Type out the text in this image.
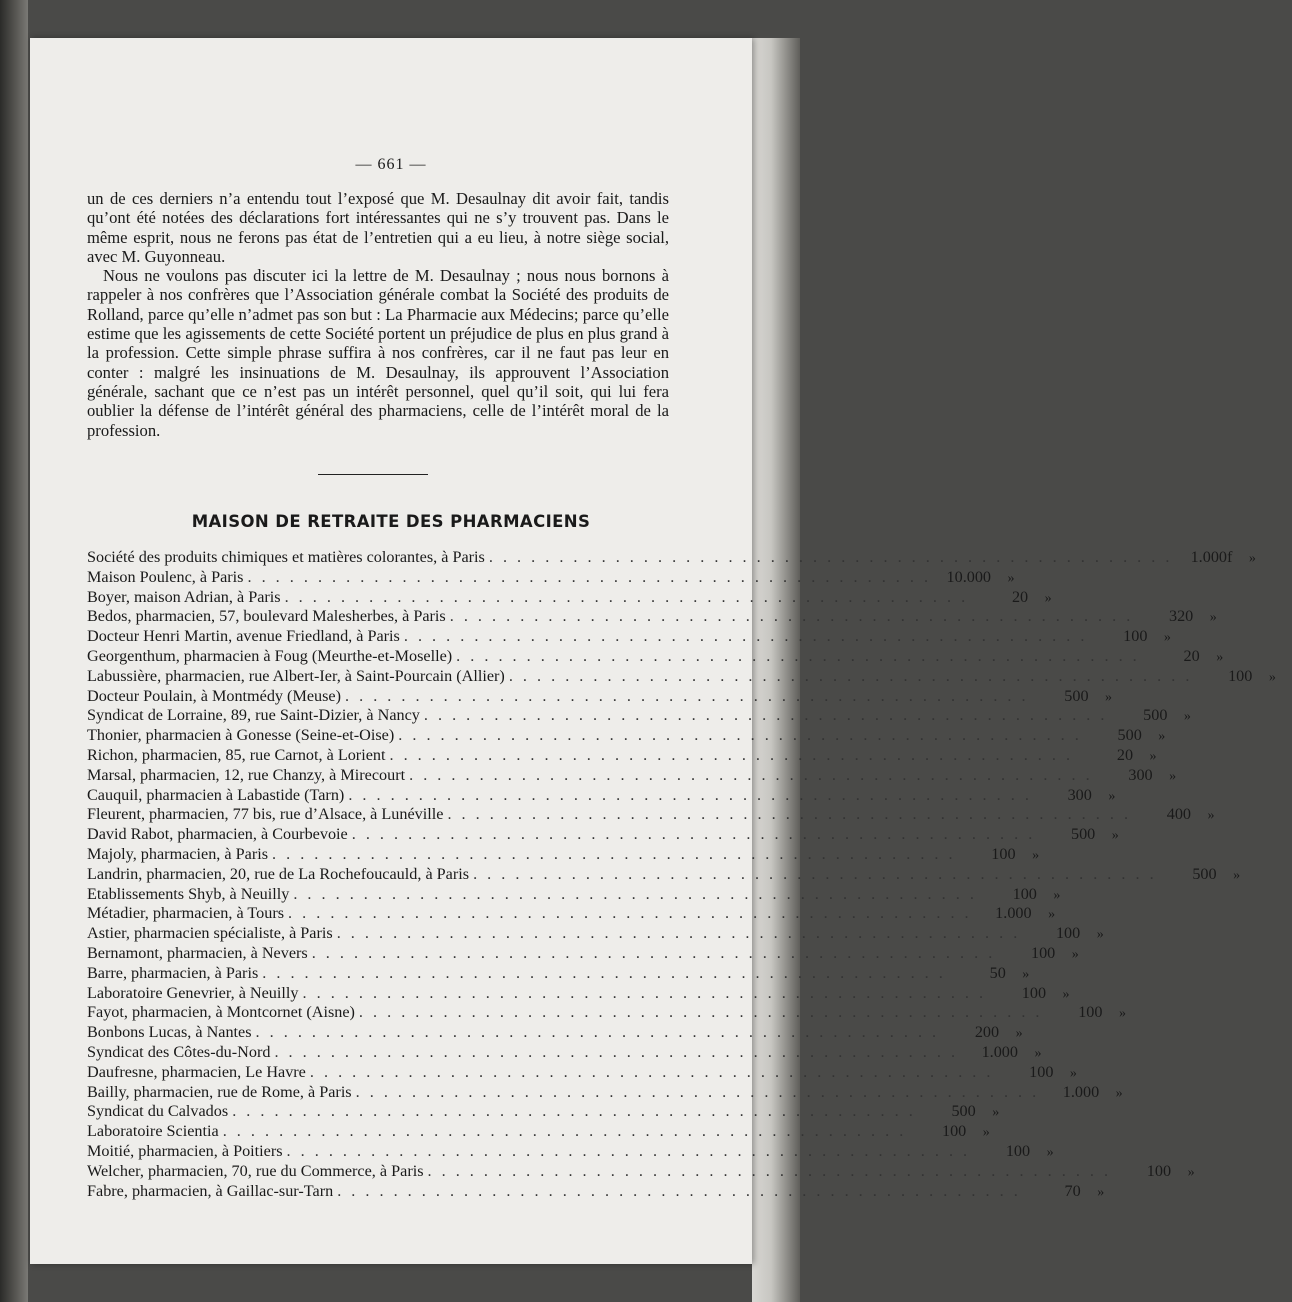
— 661 —

un de ces derniers n’a entendu tout l’exposé que M. Desaulnay dit avoir fait, tandis qu’ont été notées des déclarations fort intéressantes qui ne s’y trouvent pas. Dans le même esprit, nous ne ferons pas état de l’entretien qui a eu lieu, à notre siège social, avec M. Guyonneau.

Nous ne voulons pas discuter ici la lettre de M. Desaulnay ; nous nous bornons à rappeler à nos confrères que l’Association générale combat la Société des produits de Rolland, parce qu’elle n’admet pas son but : La Pharmacie aux Médecins; parce qu’elle estime que les agissements de cette Société portent un préjudice de plus en plus grand à la profession. Cette simple phrase suffira à nos confrères, car il ne faut pas leur en conter : malgré les insinuations de M. Desaulnay, ils approuvent l’Association générale, sachant que ce n’est pas un intérêt personnel, quel qu’il soit, qui lui fera oublier la défense de l’intérêt général des pharmaciens, celle de l’intérêt moral de la profession.

MAISON DE RETRAITE DES PHARMACIENS
Société des produits chimiques et matières colorantes, à Paris . . . . . . . . . . . . . . . . . . . . . . . . . . . . . . . . . . . . . . . . . . . . . . . . .	1.000f	»
Maison Poulenc, à Paris . . . . . . . . . . . . . . . . . . . . . . . . . . . . . . . . . . . . . . . . . . . . . . . . . 10.000	»
Boyer, maison Adrian, à Paris . . . . . . . . . . . . . . . . . . . . . . . . . . . . . . . . . . . . . . . . . . . . . . . . .	20	»
Bedos, pharmacien, 57, boulevard Malesherbes, à Paris . . . . . . . . . . . . . . . . . . . . . . . . . . . . . . . . . . . . . . . . . . . . . . . . .	320	»
Docteur Henri Martin, avenue Friedland, à Paris . . . . . . . . . . . . . . . . . . . . . . . . . . . . . . . . . . . . . . . . . . . . . . . . .	100	»
Georgenthum, pharmacien à Foug (Meurthe-et-Moselle) . . . . . . . . . . . . . . . . . . . . . . . . . . . . . . . . . . . . . . . . . . . . . . . . .	20	»
Labussière, pharmacien, rue Albert-Ier, à Saint-Pourcain (Allier) . . . . . . . . . . . . . . . . . . . . . . . . . . . . . . . . . . . . . . . . . . . . . . . . .	100	»
Docteur Poulain, à Montmédy (Meuse) . . . . . . . . . . . . . . . . . . . . . . . . . . . . . . . . . . . . . . . . . . . . . . . . .	500	»
Syndicat de Lorraine, 89, rue Saint-Dizier, à Nancy . . . . . . . . . . . . . . . . . . . . . . . . . . . . . . . . . . . . . . . . . . . . . . . . .	500	»
Thonier, pharmacien à Gonesse (Seine-et-Oise) . . . . . . . . . . . . . . . . . . . . . . . . . . . . . . . . . . . . . . . . . . . . . . . . .	500	»
Richon, pharmacien, 85, rue Carnot, à Lorient . . . . . . . . . . . . . . . . . . . . . . . . . . . . . . . . . . . . . . . . . . . . . . . . .	20	»
Marsal, pharmacien, 12, rue Chanzy, à Mirecourt . . . . . . . . . . . . . . . . . . . . . . . . . . . . . . . . . . . . . . . . . . . . . . . . .	300	»
Cauquil, pharmacien à Labastide (Tarn) . . . . . . . . . . . . . . . . . . . . . . . . . . . . . . . . . . . . . . . . . . . . . . . . .	300	»
Fleurent, pharmacien, 77 bis, rue d’Alsace, à Lunéville . . . . . . . . . . . . . . . . . . . . . . . . . . . . . . . . . . . . . . . . . . . . . . . . .	400	»
David Rabot, pharmacien, à Courbevoie . . . . . . . . . . . . . . . . . . . . . . . . . . . . . . . . . . . . . . . . . . . . . . . . .	500	»
Majoly, pharmacien, à Paris . . . . . . . . . . . . . . . . . . . . . . . . . . . . . . . . . . . . . . . . . . . . . . . . .	100	»
Landrin, pharmacien, 20, rue de La Rochefoucauld, à Paris . . . . . . . . . . . . . . . . . . . . . . . . . . . . . . . . . . . . . . . . . . . . . . . . .	500	»
Etablissements Shyb, à Neuilly . . . . . . . . . . . . . . . . . . . . . . . . . . . . . . . . . . . . . . . . . . . . . . . . .	100	»
Métadier, pharmacien, à Tours . . . . . . . . . . . . . . . . . . . . . . . . . . . . . . . . . . . . . . . . . . . . . . . . .	1.000	»
Astier, pharmacien spécialiste, à Paris . . . . . . . . . . . . . . . . . . . . . . . . . . . . . . . . . . . . . . . . . . . . . . . . .	100	»
Bernamont, pharmacien, à Nevers . . . . . . . . . . . . . . . . . . . . . . . . . . . . . . . . . . . . . . . . . . . . . . . . .	100	»
Barre, pharmacien, à Paris . . . . . . . . . . . . . . . . . . . . . . . . . . . . . . . . . . . . . . . . . . . . . . . . .	50	»
Laboratoire Genevrier, à Neuilly . . . . . . . . . . . . . . . . . . . . . . . . . . . . . . . . . . . . . . . . . . . . . . . . .	100	»
Fayot, pharmacien, à Montcornet (Aisne) . . . . . . . . . . . . . . . . . . . . . . . . . . . . . . . . . . . . . . . . . . . . . . . . .	100	»
Bonbons Lucas, à Nantes . . . . . . . . . . . . . . . . . . . . . . . . . . . . . . . . . . . . . . . . . . . . . . . . .	200	»
Syndicat des Côtes-du-Nord . . . . . . . . . . . . . . . . . . . . . . . . . . . . . . . . . . . . . . . . . . . . . . . . .	1.000	»
Daufresne, pharmacien, Le Havre . . . . . . . . . . . . . . . . . . . . . . . . . . . . . . . . . . . . . . . . . . . . . . . . .	100	»
Bailly, pharmacien, rue de Rome, à Paris . . . . . . . . . . . . . . . . . . . . . . . . . . . . . . . . . . . . . . . . . . . . . . . . .	1.000	»
Syndicat du Calvados . . . . . . . . . . . . . . . . . . . . . . . . . . . . . . . . . . . . . . . . . . . . . . . . .	500	»
Laboratoire Scientia . . . . . . . . . . . . . . . . . . . . . . . . . . . . . . . . . . . . . . . . . . . . . . . . .	100	»
Moitié, pharmacien, à Poitiers . . . . . . . . . . . . . . . . . . . . . . . . . . . . . . . . . . . . . . . . . . . . . . . . .	100	»
Welcher, pharmacien, 70, rue du Commerce, à Paris . . . . . . . . . . . . . . . . . . . . . . . . . . . . . . . . . . . . . . . . . . . . . . . . .	100	»
Fabre, pharmacien, à Gaillac-sur-Tarn . . . . . . . . . . . . . . . . . . . . . . . . . . . . . . . . . . . . . . . . . . . . . . . . .	70	»
